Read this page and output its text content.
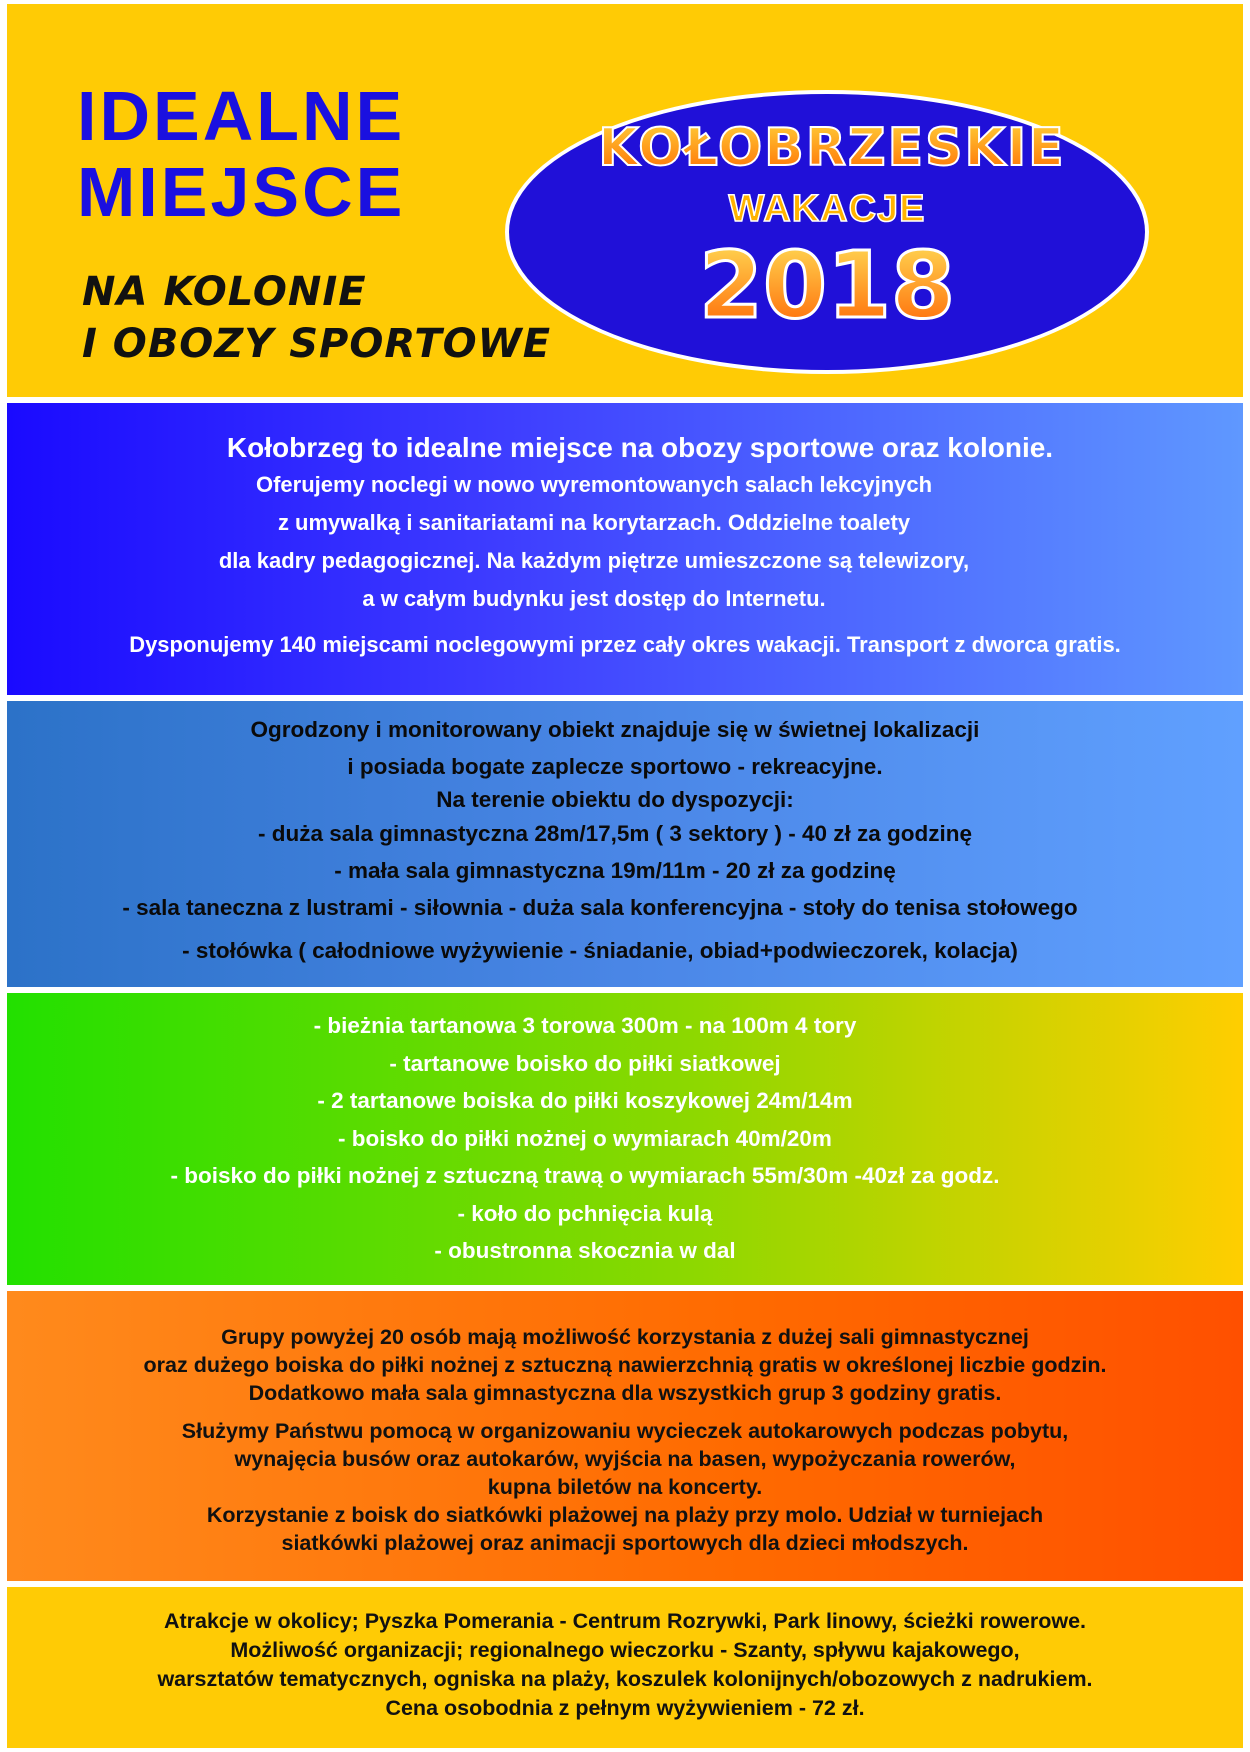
IDEALNE
MIEJSCE
NA KOLONIE
I OBOZY SPORTOWE
KOŁOBRZESKIE
WAKACJE
2018
Kołobrzeg to idealne miejsce na obozy sportowe oraz kolonie.
Oferujemy noclegi w nowo wyremontowanych salach lekcyjnych
z umywalką i sanitariatami na korytarzach. Oddzielne toalety
dla kadry pedagogicznej. Na każdym piętrze umieszczone są telewizory,
a w całym budynku jest dostęp do Internetu.
Dysponujemy 140 miejscami noclegowymi przez cały okres wakacji. Transport z dworca gratis.
Ogrodzony i monitorowany obiekt znajduje się w świetnej lokalizacji
i posiada bogate zaplecze sportowo - rekreacyjne.
Na terenie obiektu do dyspozycji:
- duża sala gimnastyczna 28m/17,5m ( 3 sektory ) - 40 zł za godzinę
- mała sala gimnastyczna 19m/11m - 20 zł za godzinę
- sala taneczna z lustrami - siłownia - duża sala konferencyjna - stoły do tenisa stołowego
- stołówka ( całodniowe wyżywienie - śniadanie, obiad+podwieczorek, kolacja)
- bieżnia tartanowa 3 torowa 300m - na 100m 4 tory
- tartanowe boisko do piłki siatkowej
- 2 tartanowe boiska do piłki koszykowej 24m/14m
- boisko do piłki nożnej o wymiarach 40m/20m
- boisko do piłki nożnej z sztuczną trawą o wymiarach 55m/30m -40zł za godz.
- koło do pchnięcia kulą
- obustronna skocznia w dal
Grupy powyżej 20 osób mają możliwość korzystania z dużej sali gimnastycznej
oraz dużego boiska do piłki nożnej z sztuczną nawierzchnią gratis w określonej liczbie godzin.
Dodatkowo mała sala gimnastyczna dla wszystkich grup 3 godziny gratis.
Służymy Państwu pomocą w organizowaniu wycieczek autokarowych podczas pobytu,
wynajęcia busów oraz autokarów, wyjścia na basen, wypożyczania rowerów,
kupna biletów na koncerty.
Korzystanie z boisk do siatkówki plażowej na plaży przy molo. Udział w turniejach
siatkówki plażowej oraz animacji sportowych dla dzieci młodszych.
Atrakcje w okolicy; Pyszka Pomerania - Centrum Rozrywki, Park linowy, ścieżki rowerowe.
Możliwość organizacji; regionalnego wieczorku - Szanty, spływu kajakowego,
warsztatów tematycznych, ogniska na plaży, koszulek kolonijnych/obozowych z nadrukiem.
Cena osobodnia z pełnym wyżywieniem - 72 zł.
